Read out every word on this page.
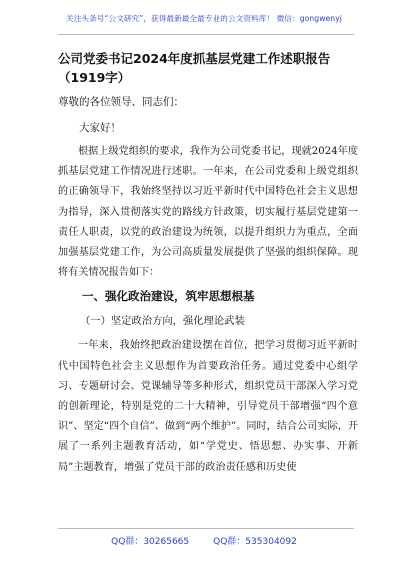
关注头条号“公文研究”，获得最新最全最专业的公文资料库！ 微信：gongwenyj
公司党委书记2024年度抓基层党建工作述职报告（1919字）
尊敬的各位领导、同志们：
大家好！
根据上级党组织的要求，我作为公司党委书记，现就2024年度抓基层党建工作情况进行述职。一年来，在公司党委和上级党组织的正确领导下，我始终坚持以习近平新时代中国特色社会主义思想为指导，深入贯彻落实党的路线方针政策，切实履行基层党建第一责任人职责，以党的政治建设为统领，以提升组织力为重点，全面加强基层党建工作，为公司高质量发展提供了坚强的组织保障。现将有关情况报告如下：
一、强化政治建设，筑牢思想根基
（一）坚定政治方向，强化理论武装
一年来，我始终把政治建设摆在首位，把学习贯彻习近平新时代中国特色社会主义思想作为首要政治任务。通过党委中心组学习、专题研讨会、党课辅导等多种形式，组织党员干部深入学习党的创新理论，特别是党的二十大精神，引导党员干部增强“四个意识”、坚定“四个自信”、做到“两个维护”。同时，结合公司实际，开展了一系列主题教育活动，如“学党史、悟思想、办实事、开新局”主题教育，增强了党员干部的政治责任感和历史使
QQ群：30265665	QQ群：535304092
